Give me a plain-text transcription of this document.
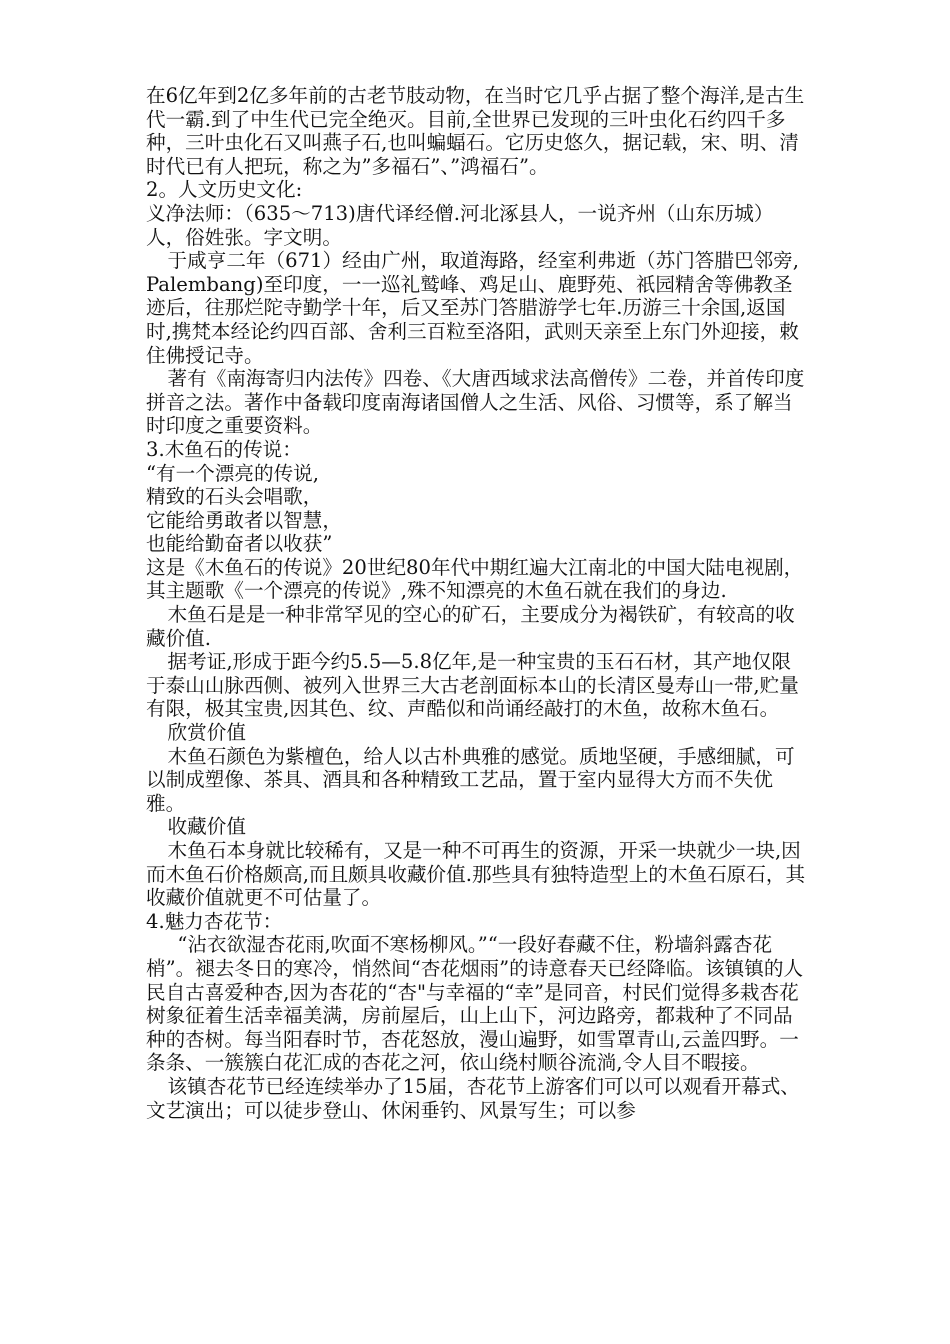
在6亿年到2亿多年前的古老节肢动物，在当时它几乎占据了整个海洋,是古生代一霸.到了中生代已完全绝灭。目前,全世界已发现的三叶虫化石约四千多种，三叶虫化石又叫燕子石,也叫蝙蝠石。它历史悠久，据记载，宋、明、清时代已有人把玩，称之为”多福石”、”鸿福石”。

2。人文历史文化:

义净法师：（635～713)唐代译经僧.河北涿县人，一说齐州（山东历城）人，俗姓张。字文明。

于咸亨二年（671）经由广州，取道海路，经室利弗逝（苏门答腊巴邻旁,Palembang)至印度，一一巡礼鹫峰、鸡足山、鹿野苑、祇园精舍等佛教圣迹后，往那烂陀寺勤学十年，后又至苏门答腊游学七年.历游三十余国,返国时,携梵本经论约四百部、舍利三百粒至洛阳，武则天亲至上东门外迎接，敕住佛授记寺。

著有《南海寄归内法传》四卷、《大唐西域求法高僧传》二卷，并首传印度拼音之法。著作中备载印度南海诸国僧人之生活、风俗、习惯等，系了解当时印度之重要资料。

3.木鱼石的传说：

“有一个漂亮的传说,

精致的石头会唱歌，

它能给勇敢者以智慧，

也能给勤奋者以收获”

这是《木鱼石的传说》20世纪80年代中期红遍大江南北的中国大陆电视剧，其主题歌《一个漂亮的传说》,殊不知漂亮的木鱼石就在我们的身边.

木鱼石是是一种非常罕见的空心的矿石，主要成分为褐铁矿，有较高的收藏价值.

据考证,形成于距今约5.5—5.8亿年,是一种宝贵的玉石石材，其产地仅限于泰山山脉西侧、被列入世界三大古老剖面标本山的长清区曼寿山一带,贮量有限，极其宝贵,因其色、纹、声酷似和尚诵经敲打的木鱼，故称木鱼石。

欣赏价值

木鱼石颜色为紫檀色，给人以古朴典雅的感觉。质地坚硬，手感细腻，可以制成塑像、茶具、酒具和各种精致工艺品，置于室内显得大方而不失优雅。

收藏价值

木鱼石本身就比较稀有，又是一种不可再生的资源，开采一块就少一块,因而木鱼石价格颇高,而且颇具收藏价值.那些具有独特造型上的木鱼石原石，其收藏价值就更不可估量了。

4.魅力杏花节：

“沾衣欲湿杏花雨,吹面不寒杨柳风。”“一段好春藏不住，粉墙斜露杏花梢”。褪去冬日的寒冷，悄然间“杏花烟雨”的诗意春天已经降临。该镇镇的人民自古喜爱种杏,因为杏花的“杏"与幸福的“幸”是同音，村民们觉得多栽杏花树象征着生活幸福美满，房前屋后，山上山下，河边路旁，都栽种了不同品种的杏树。每当阳春时节，杏花怒放，漫山遍野，如雪罩青山,云盖四野。一条条、一簇簇白花汇成的杏花之河，依山绕村顺谷流淌,令人目不暇接。

该镇杏花节已经连续举办了15届，杏花节上游客们可以可以观看开幕式、文艺演出；可以徒步登山、休闲垂钓、风景写生；可以参
